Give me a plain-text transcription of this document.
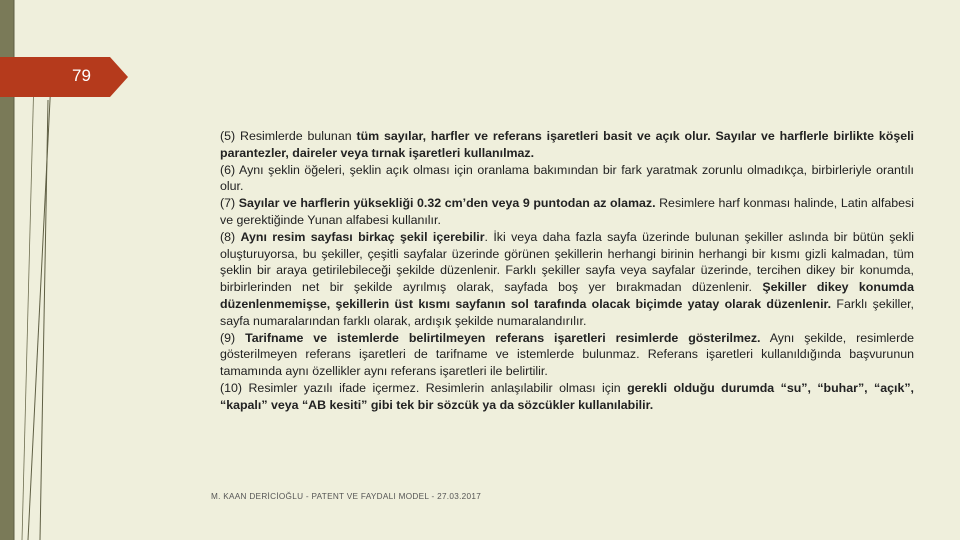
79

(5) Resimlerde bulunan tüm sayılar, harfler ve referans işaretleri basit ve açık olur. Sayılar ve harflerle birlikte köşeli parantezler, daireler veya tırnak işaretleri kullanılmaz.

(6) Aynı şeklin öğeleri, şeklin açık olması için oranlama bakımından bir fark yaratmak zorunlu olmadıkça, birbirleriyle orantılı olur.

(7) Sayılar ve harflerin yüksekliği 0.32 cm’den veya 9 puntodan az olamaz. Resimlere harf konması halinde, Latin alfabesi ve gerektiğinde Yunan alfabesi kullanılır.

(8) Aynı resim sayfası birkaç şekil içerebilir. İki veya daha fazla sayfa üzerinde bulunan şekiller aslında bir bütün şekli oluşturuyorsa, bu şekiller, çeşitli sayfalar üzerinde görünen şekillerin herhangi birinin herhangi bir kısmı gizli kalmadan, tüm şeklin bir araya getirilebileceği şekilde düzenlenir. Farklı şekiller sayfa veya sayfalar üzerinde, tercihen dikey bir konumda, birbirlerinden net bir şekilde ayrılmış olarak, sayfada boş yer bırakmadan düzenlenir. Şekiller dikey konumda düzenlenmemişse, şekillerin üst kısmı sayfanın sol tarafında olacak biçimde yatay olarak düzenlenir. Farklı şekiller, sayfa numaralarından farklı olarak, ardışık şekilde numaralandırılır.

(9) Tarifname ve istemlerde belirtilmeyen referans işaretleri resimlerde gösterilmez. Aynı şekilde, resimlerde gösterilmeyen referans işaretleri de tarifname ve istemlerde bulunmaz. Referans işaretleri kullanıldığında başvurunun tamamında aynı özellikler aynı referans işaretleri ile belirtilir.

(10) Resimler yazılı ifade içermez. Resimlerin anlaşılabilir olması için gerekli olduğu durumda “su”, “buhar”, “açık”, “kapalı” veya “AB kesiti” gibi tek bir sözcük ya da sözcükler kullanılabilir.

M. KAAN DERİCİOĞLU - PATENT VE FAYDALI MODEL - 27.03.2017
